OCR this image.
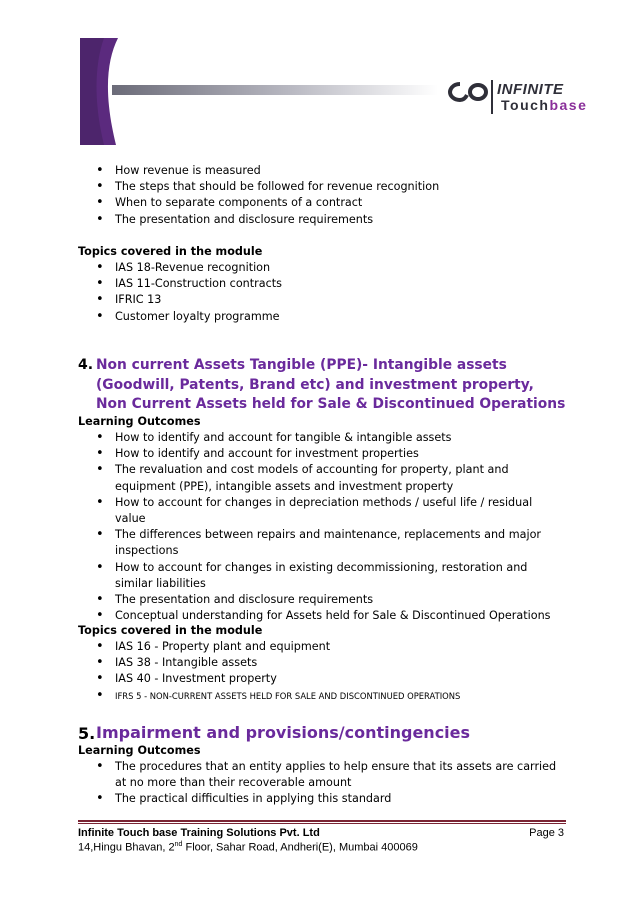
INFINITE
Touchbase
• How revenue is measured
• The steps that should be followed for revenue recognition
• When to separate components of a contract
• The presentation and disclosure requirements
Topics covered in the module
• IAS 18-Revenue recognition
• IAS 11-Construction contracts
• IFRIC 13
• Customer loyalty programme
4. Non current Assets Tangible (PPE)- Intangible assets (Goodwill, Patents, Brand etc) and investment property, Non Current Assets held for Sale & Discontinued Operations
Learning Outcomes
• How to identify and account for tangible & intangible assets
• How to identify and account for investment properties
• The revaluation and cost models of accounting for property, plant and equipment (PPE), intangible assets and investment property
• How to account for changes in depreciation methods / useful life / residual value
• The differences between repairs and maintenance, replacements and major inspections
• How to account for changes in existing decommissioning, restoration and similar liabilities
• The presentation and disclosure requirements
• Conceptual understanding for Assets held for Sale & Discontinued Operations
Topics covered in the module
• IAS 16 - Property plant and equipment
• IAS 38 - Intangible assets
• IAS 40 - Investment property
• IFRS 5 - NON-CURRENT ASSETS HELD FOR SALE AND DISCONTINUED OPERATIONS
5. Impairment and provisions/contingencies
Learning Outcomes
• The procedures that an entity applies to help ensure that its assets are carried at no more than their recoverable amount
• The practical difficulties in applying this standard
Infinite Touch base Training Solutions Pvt. Ltd	Page 3
14,Hingu Bhavan, 2nd Floor, Sahar Road, Andheri(E), Mumbai 400069
